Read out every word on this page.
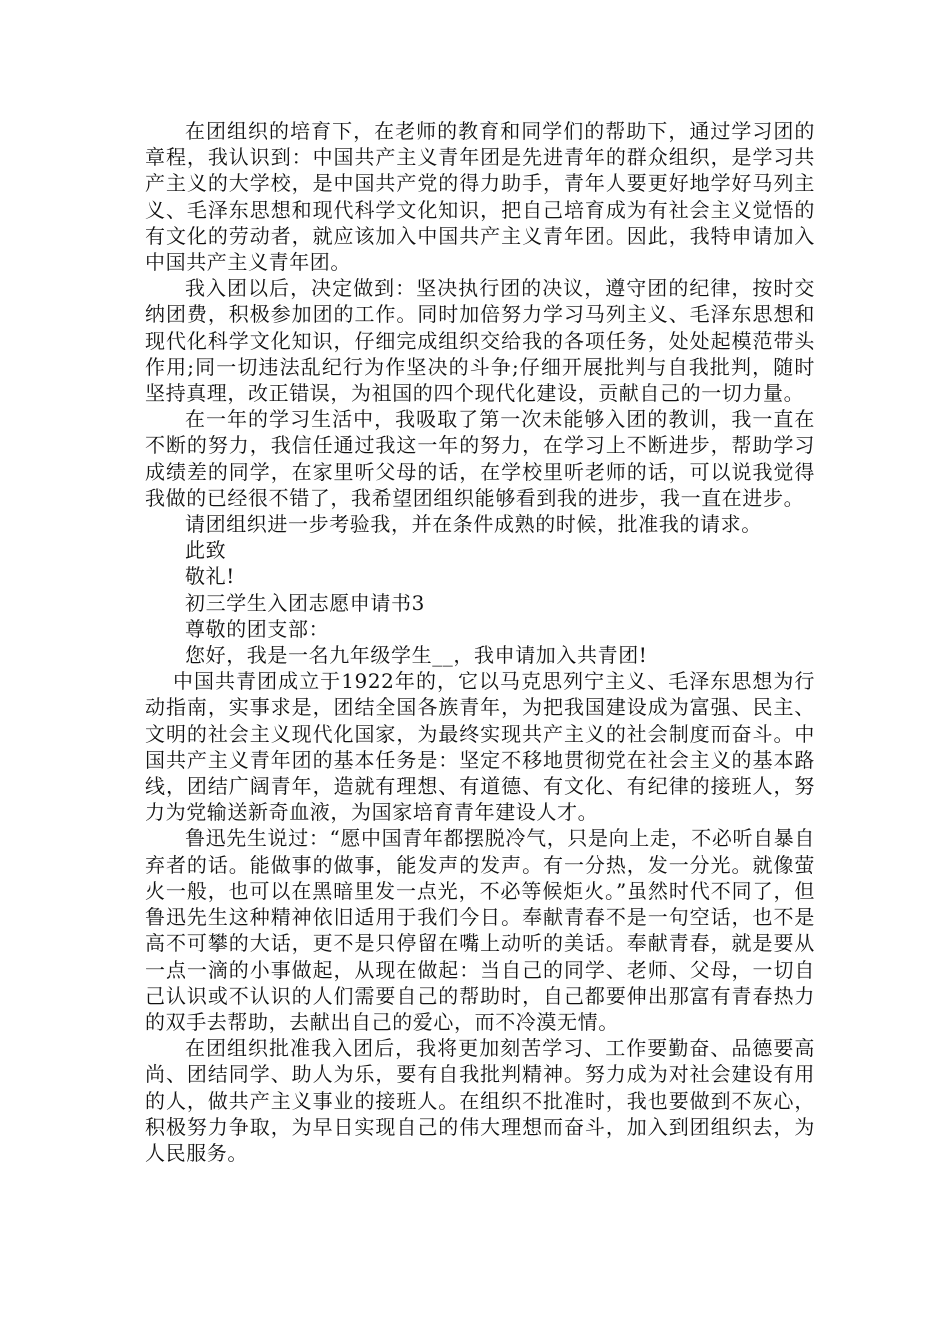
在团组织的培育下，在老师的教育和同学们的帮助下，通过学习团的章程，我认识到：中国共产主义青年团是先进青年的群众组织，是学习共产主义的大学校，是中国共产党的得力助手，青年人要更好地学好马列主义、毛泽东思想和现代科学文化知识，把自己培育成为有社会主义觉悟的有文化的劳动者，就应该加入中国共产主义青年团。因此，我特申请加入中国共产主义青年团。

我入团以后，决定做到：坚决执行团的决议，遵守团的纪律，按时交纳团费，积极参加团的工作。同时加倍努力学习马列主义、毛泽东思想和现代化科学文化知识，仔细完成组织交给我的各项任务，处处起模范带头作用;同一切违法乱纪行为作坚决的斗争;仔细开展批判与自我批判，随时坚持真理，改正错误，为祖国的四个现代化建设，贡献自己的一切力量。

在一年的学习生活中，我吸取了第一次未能够入团的教训，我一直在不断的努力，我信任通过我这一年的努力，在学习上不断进步，帮助学习成绩差的同学，在家里听父母的话，在学校里听老师的话，可以说我觉得我做的已经很不错了，我希望团组织能够看到我的进步，我一直在进步。

请团组织进一步考验我，并在条件成熟的时候，批准我的请求。

此致

敬礼!

初三学生入团志愿申请书3

尊敬的团支部：

您好，我是一名九年级学生__，我申请加入共青团!

中国共青团成立于1922年的，它以马克思列宁主义、毛泽东思想为行动指南，实事求是，团结全国各族青年，为把我国建设成为富强、民主、文明的社会主义现代化国家，为最终实现共产主义的社会制度而奋斗。中国共产主义青年团的基本任务是：坚定不移地贯彻党在社会主义的基本路线，团结广阔青年，造就有理想、有道德、有文化、有纪律的接班人，努力为党输送新奇血液，为国家培育青年建设人才。

鲁迅先生说过：“愿中国青年都摆脱冷气，只是向上走，不必听自暴自弃者的话。能做事的做事，能发声的发声。有一分热，发一分光。就像萤火一般，也可以在黑暗里发一点光，不必等候炬火。”虽然时代不同了，但鲁迅先生这种精神依旧适用于我们今日。奉献青春不是一句空话，也不是高不可攀的大话，更不是只停留在嘴上动听的美话。奉献青春，就是要从一点一滴的小事做起，从现在做起：当自己的同学、老师、父母，一切自己认识或不认识的人们需要自己的帮助时，自己都要伸出那富有青春热力的双手去帮助，去献出自己的爱心，而不冷漠无情。

在团组织批准我入团后，我将更加刻苦学习、工作要勤奋、品德要高尚、团结同学、助人为乐，要有自我批判精神。努力成为对社会建设有用的人，做共产主义事业的接班人。在组织不批准时，我也要做到不灰心，积极努力争取，为早日实现自己的伟大理想而奋斗，加入到团组织去，为人民服务。
